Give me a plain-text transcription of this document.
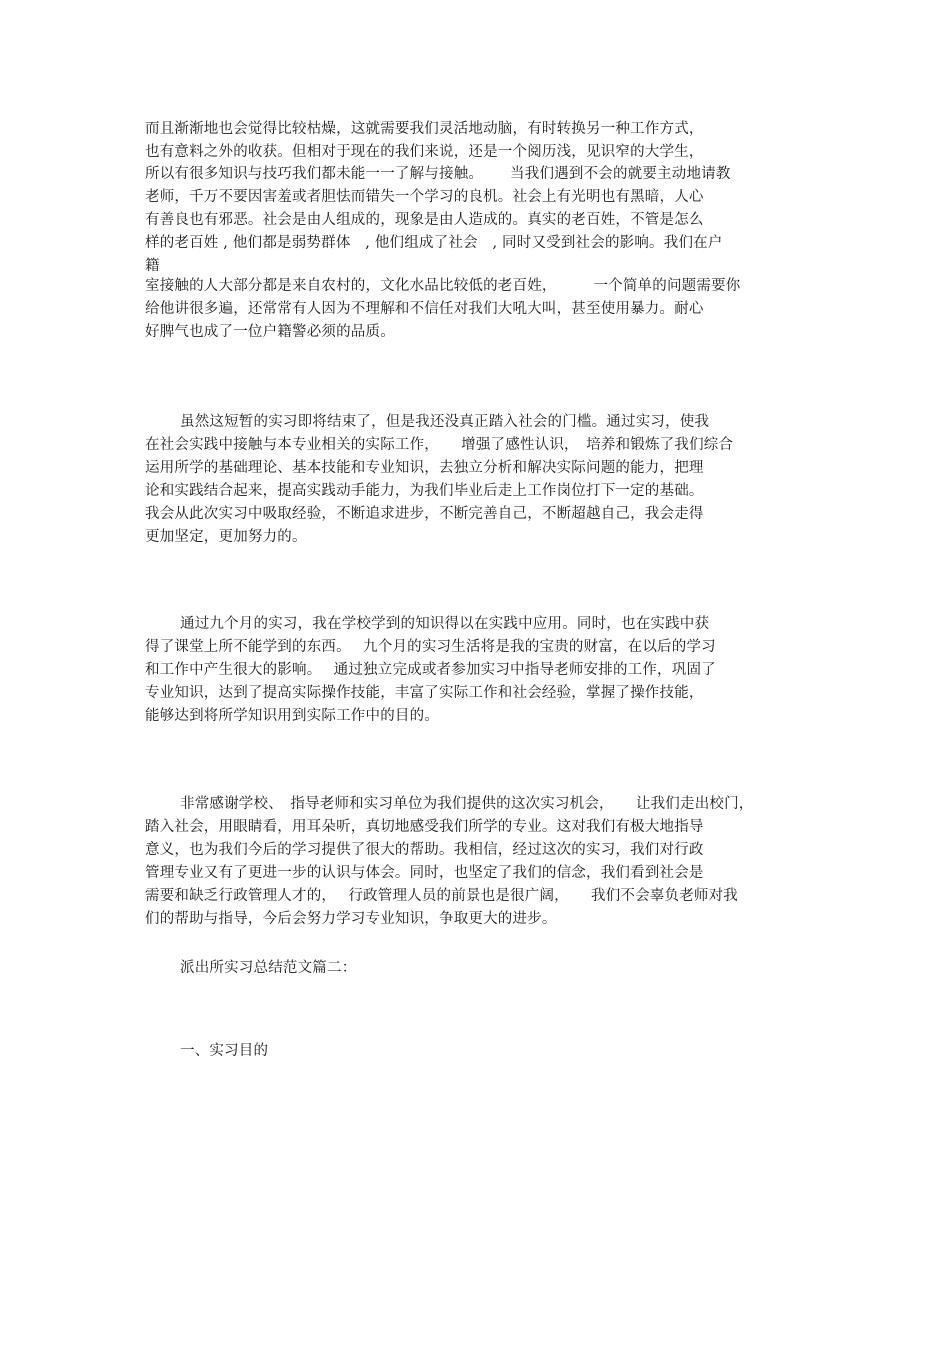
而且渐渐地也会觉得比较枯燥，这就需要我们灵活地动脑，有时转换另一种工作方式，
也有意料之外的收获。但相对于现在的我们来说，还是一个阅历浅，见识窄的大学生，
所以有很多知识与技巧我们都未能一一了解与接触。　　 当我们遇到不会的就要主动地请教
老师，千万不要因害羞或者胆怯而错失一个学习的良机。社会上有光明也有黑暗，人心
有善良也有邪恶。社会是由人组成的，现象是由人造成的。真实的老百姓，不管是怎么
样的老百姓 , 他们都是弱势群体　, 他们组成了社会　, 同时又受到社会的影响。我们在户
籍
室接触的人大部分都是来自农村的，文化水品比较低的老百姓，　　　一个简单的问题需要你
给他讲很多遍，还常常有人因为不理解和不信任对我们大吼大叫，甚至使用暴力。耐心
好脾气也成了一位户籍警必须的品质。
虽然这短暂的实习即将结束了，但是我还没真正踏入社会的门槛。通过实习，使我
在社会实践中接触与本专业相关的实际工作，　　增强了感性认识，　培养和锻炼了我们综合
运用所学的基础理论、基本技能和专业知识，去独立分析和解决实际问题的能力，把理
论和实践结合起来，提高实践动手能力，为我们毕业后走上工作岗位打下一定的基础。
我会从此次实习中吸取经验，不断追求进步，不断完善自己，不断超越自己，我会走得
更加坚定，更加努力的。
通过九个月的实习，我在学校学到的知识得以在实践中应用。同时，也在实践中获
得了课堂上所不能学到的东西。　 九个月的实习生活将是我的宝贵的财富，在以后的学习
和工作中产生很大的影响。　 通过独立完成或者参加实习中指导老师安排的工作，巩固了
专业知识，达到了提高实际操作技能，丰富了实际工作和社会经验，掌握了操作技能，
能够达到将所学知识用到实际工作中的目的。
非常感谢学校、　指导老师和实习单位为我们提供的这次实习机会，　　让我们走出校门，
踏入社会，用眼睛看，用耳朵听，真切地感受我们所学的专业。这对我们有极大地指导
意义，也为我们今后的学习提供了很大的帮助。我相信，经过这次的实习，我们对行政
管理专业又有了更进一步的认识与体会。同时，也坚定了我们的信念，我们看到社会是
需要和缺乏行政管理人才的，　 行政管理人员的前景也是很广阔，　　我们不会辜负老师对我
们的帮助与指导，今后会努力学习专业知识，争取更大的进步。
派出所实习总结范文篇二：
一、实习目的
